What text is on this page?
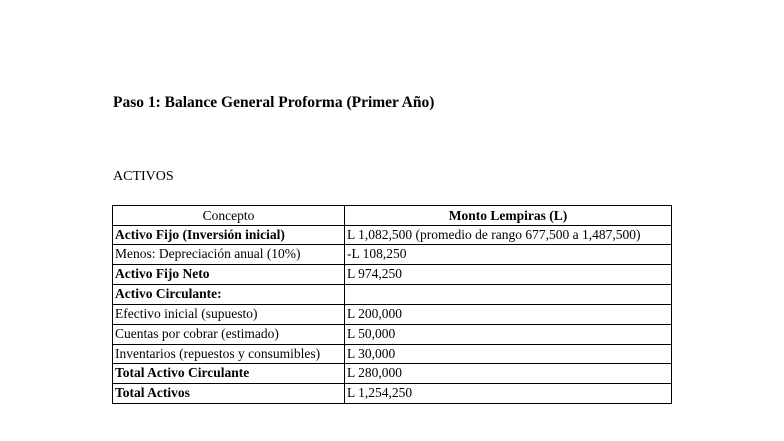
Paso 1: Balance General Proforma (Primer Año)
ACTIVOS
Concepto	Monto Lempiras (L)
Activo Fijo (Inversión inicial)	L 1,082,500 (promedio de rango 677,500 a 1,487,500)
Menos: Depreciación anual (10%)	-L 108,250
Activo Fijo Neto	L 974,250
Activo Circulante:	
Efectivo inicial (supuesto)	L 200,000
Cuentas por cobrar (estimado)	L 50,000
Inventarios (repuestos y consumibles)	L 30,000
Total Activo Circulante	L 280,000
Total Activos	L 1,254,250
